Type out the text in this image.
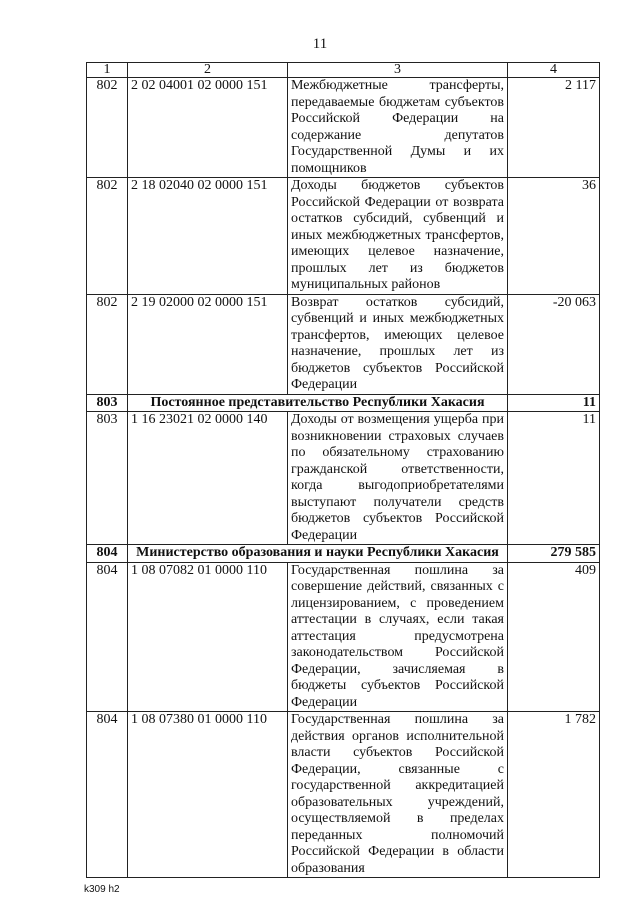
11
1	2	3	4
802	2 02 04001 02 0000 151	Межбюджетные трансферты, передаваемые бюджетам субъектов Российской Федерации на содержание депутатов Государственной Думы и их помощников	2 117
802	2 18 02040 02 0000 151	Доходы бюджетов субъектов Российской Федерации от возврата остатков субсидий, субвенций и иных межбюджетных трансфертов, имеющих целевое назначение, прошлых лет из бюджетов муниципальных районов	36
802	2 19 02000 02 0000 151	Возврат остатков субсидий, субвенций и иных межбюджетных трансфертов, имеющих целевое назначение, прошлых лет из бюджетов субъектов Российской Федерации	-20 063
803	Постоянное представительство Республики Хакасия		11
803	1 16 23021 02 0000 140	Доходы от возмещения ущерба при возникновении страховых случаев по обязательному страхованию гражданской ответственности, когда выгодоприобретателями выступают получатели средств бюджетов субъектов Российской Федерации	11
804	Министерство образования и науки Республики Хакасия		279 585
804	1 08 07082 01 0000 110	Государственная пошлина за совершение действий, связанных с лицензированием, с проведением аттестации в случаях, если такая аттестация предусмотрена законодательством Российской Федерации, зачисляемая в бюджеты субъектов Российской Федерации	409
804	1 08 07380 01 0000 110	Государственная пошлина за действия органов исполнительной власти субъектов Российской Федерации, связанные с государственной аккредитацией образовательных учреждений, осуществляемой в пределах переданных полномочий Российской Федерации в области образования	1 782
k309 h2
